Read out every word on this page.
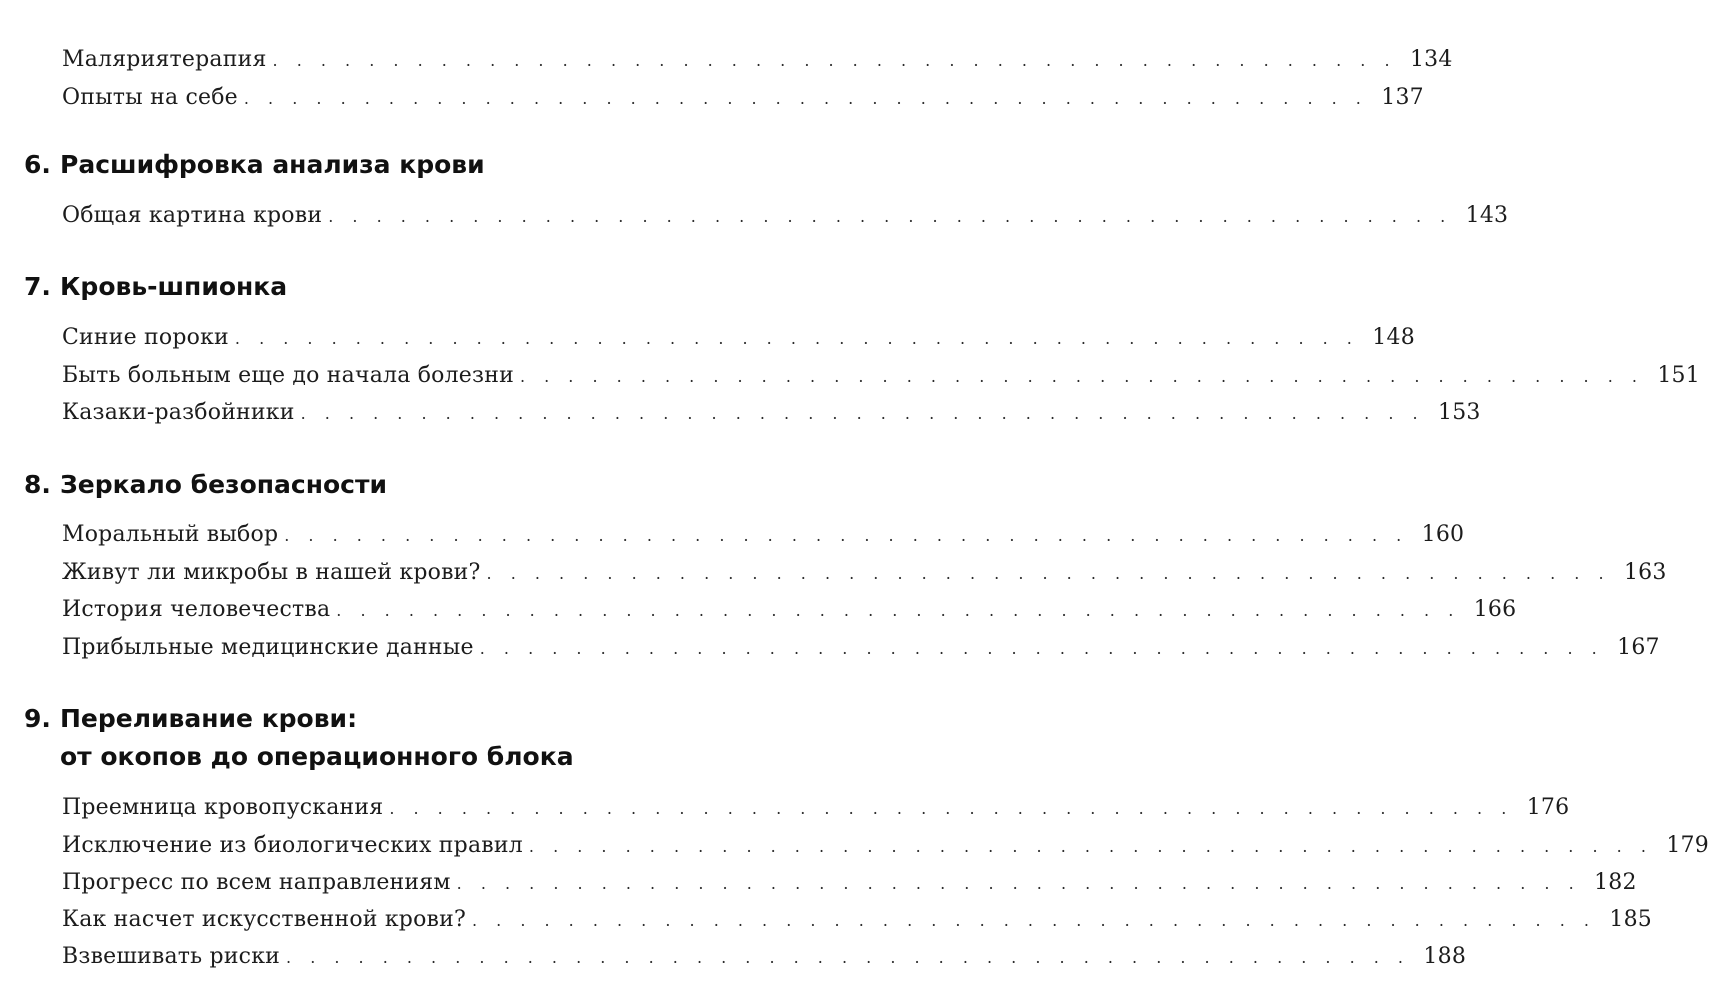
Маляриятерапия . . . . . . . . . . . . . . . . . . . . . . . . . . . . . . . . . . . . . . . . . . . . . . . 134
Опыты на себе . . . . . . . . . . . . . . . . . . . . . . . . . . . . . . . . . . . . . . . . . . . . . . . 137
6. Расшифровка анализа крови
Общая картина крови . . . . . . . . . . . . . . . . . . . . . . . . . . . . . . . . . . . . . . . . . . . . . . . 143
7. Кровь-шпионка
Синие пороки . . . . . . . . . . . . . . . . . . . . . . . . . . . . . . . . . . . . . . . . . . . . . . . 148
Быть больным еще до начала болезни . . . . . . . . . . . . . . . . . . . . . . . . . . . . . . . . . . . . . . . . . . . . . . . 151
Казаки-разбойники . . . . . . . . . . . . . . . . . . . . . . . . . . . . . . . . . . . . . . . . . . . . . . . 153
8. Зеркало безопасности
Моральный выбор . . . . . . . . . . . . . . . . . . . . . . . . . . . . . . . . . . . . . . . . . . . . . . . 160
Живут ли микробы в нашей крови? . . . . . . . . . . . . . . . . . . . . . . . . . . . . . . . . . . . . . . . . . . . . . . . 163
История человечества . . . . . . . . . . . . . . . . . . . . . . . . . . . . . . . . . . . . . . . . . . . . . . . 166
Прибыльные медицинские данные . . . . . . . . . . . . . . . . . . . . . . . . . . . . . . . . . . . . . . . . . . . . . . . 167
9. Переливание крови:
от окопов до операционного блока
Преемница кровопускания . . . . . . . . . . . . . . . . . . . . . . . . . . . . . . . . . . . . . . . . . . . . . . . 176
Исключение из биологических правил . . . . . . . . . . . . . . . . . . . . . . . . . . . . . . . . . . . . . . . . . . . . . . . 179
Прогресс по всем направлениям . . . . . . . . . . . . . . . . . . . . . . . . . . . . . . . . . . . . . . . . . . . . . . . 182
Как насчет искусственной крови? . . . . . . . . . . . . . . . . . . . . . . . . . . . . . . . . . . . . . . . . . . . . . . . 185
Взвешивать риски . . . . . . . . . . . . . . . . . . . . . . . . . . . . . . . . . . . . . . . . . . . . . . . 188
